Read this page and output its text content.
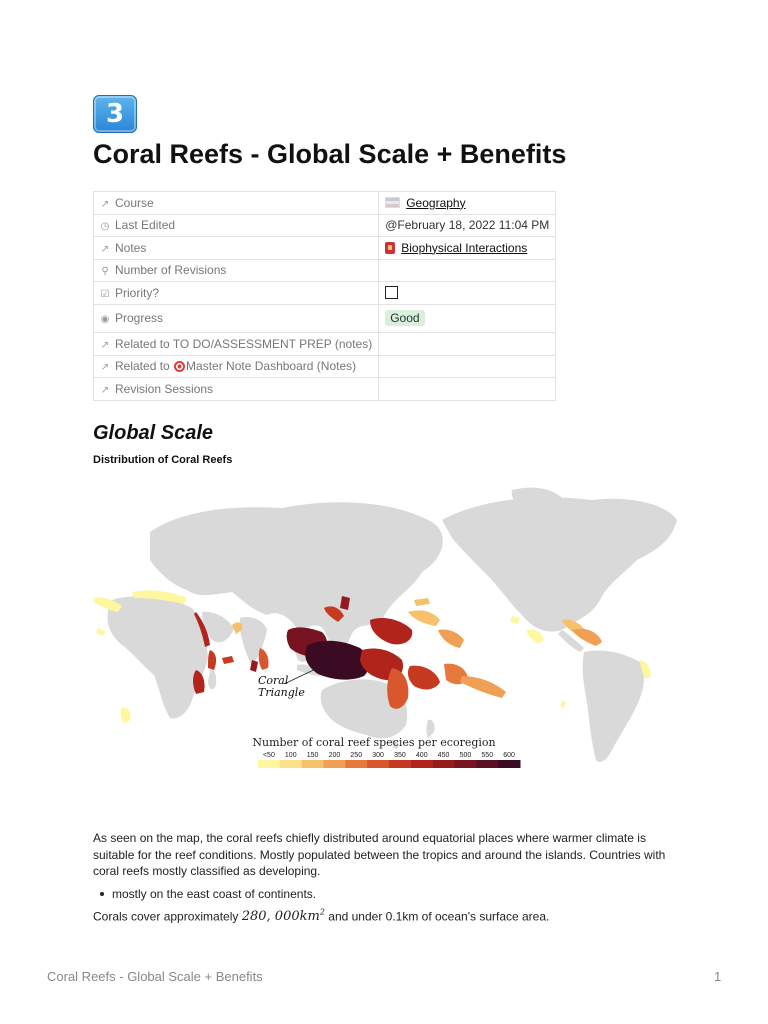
3
Coral Reefs - Global Scale + Benefits
↗ Course	Geography
◷ Last Edited	@February 18, 2022 11:04 PM
↗ Notes	Biophysical Interactions
⚲ Number of Revisions	
☑ Priority?	
◉ Progress	Good
↗ Related to TO DO/ASSESSMENT PREP (notes)	
↗ Related to Master Note Dashboard (Notes)	
↗ Revision Sessions	
Global Scale
Distribution of Coral Reefs
Coral
Triangle
Number of coral reef species per ecoregion
<50 100 150 200 250 300 350 400 450 500 550 600
As seen on the map, the coral reefs chiefly distributed around equatorial places where warmer climate is suitable for the reef conditions. Mostly populated between the tropics and around the islands. Countries with coral reefs mostly classified as developing.
mostly on the east coast of continents.
Corals cover approximately 280, $000km^2$ and under 0.1km of ocean's surface area.
Coral Reefs - Global Scale + Benefits	1
